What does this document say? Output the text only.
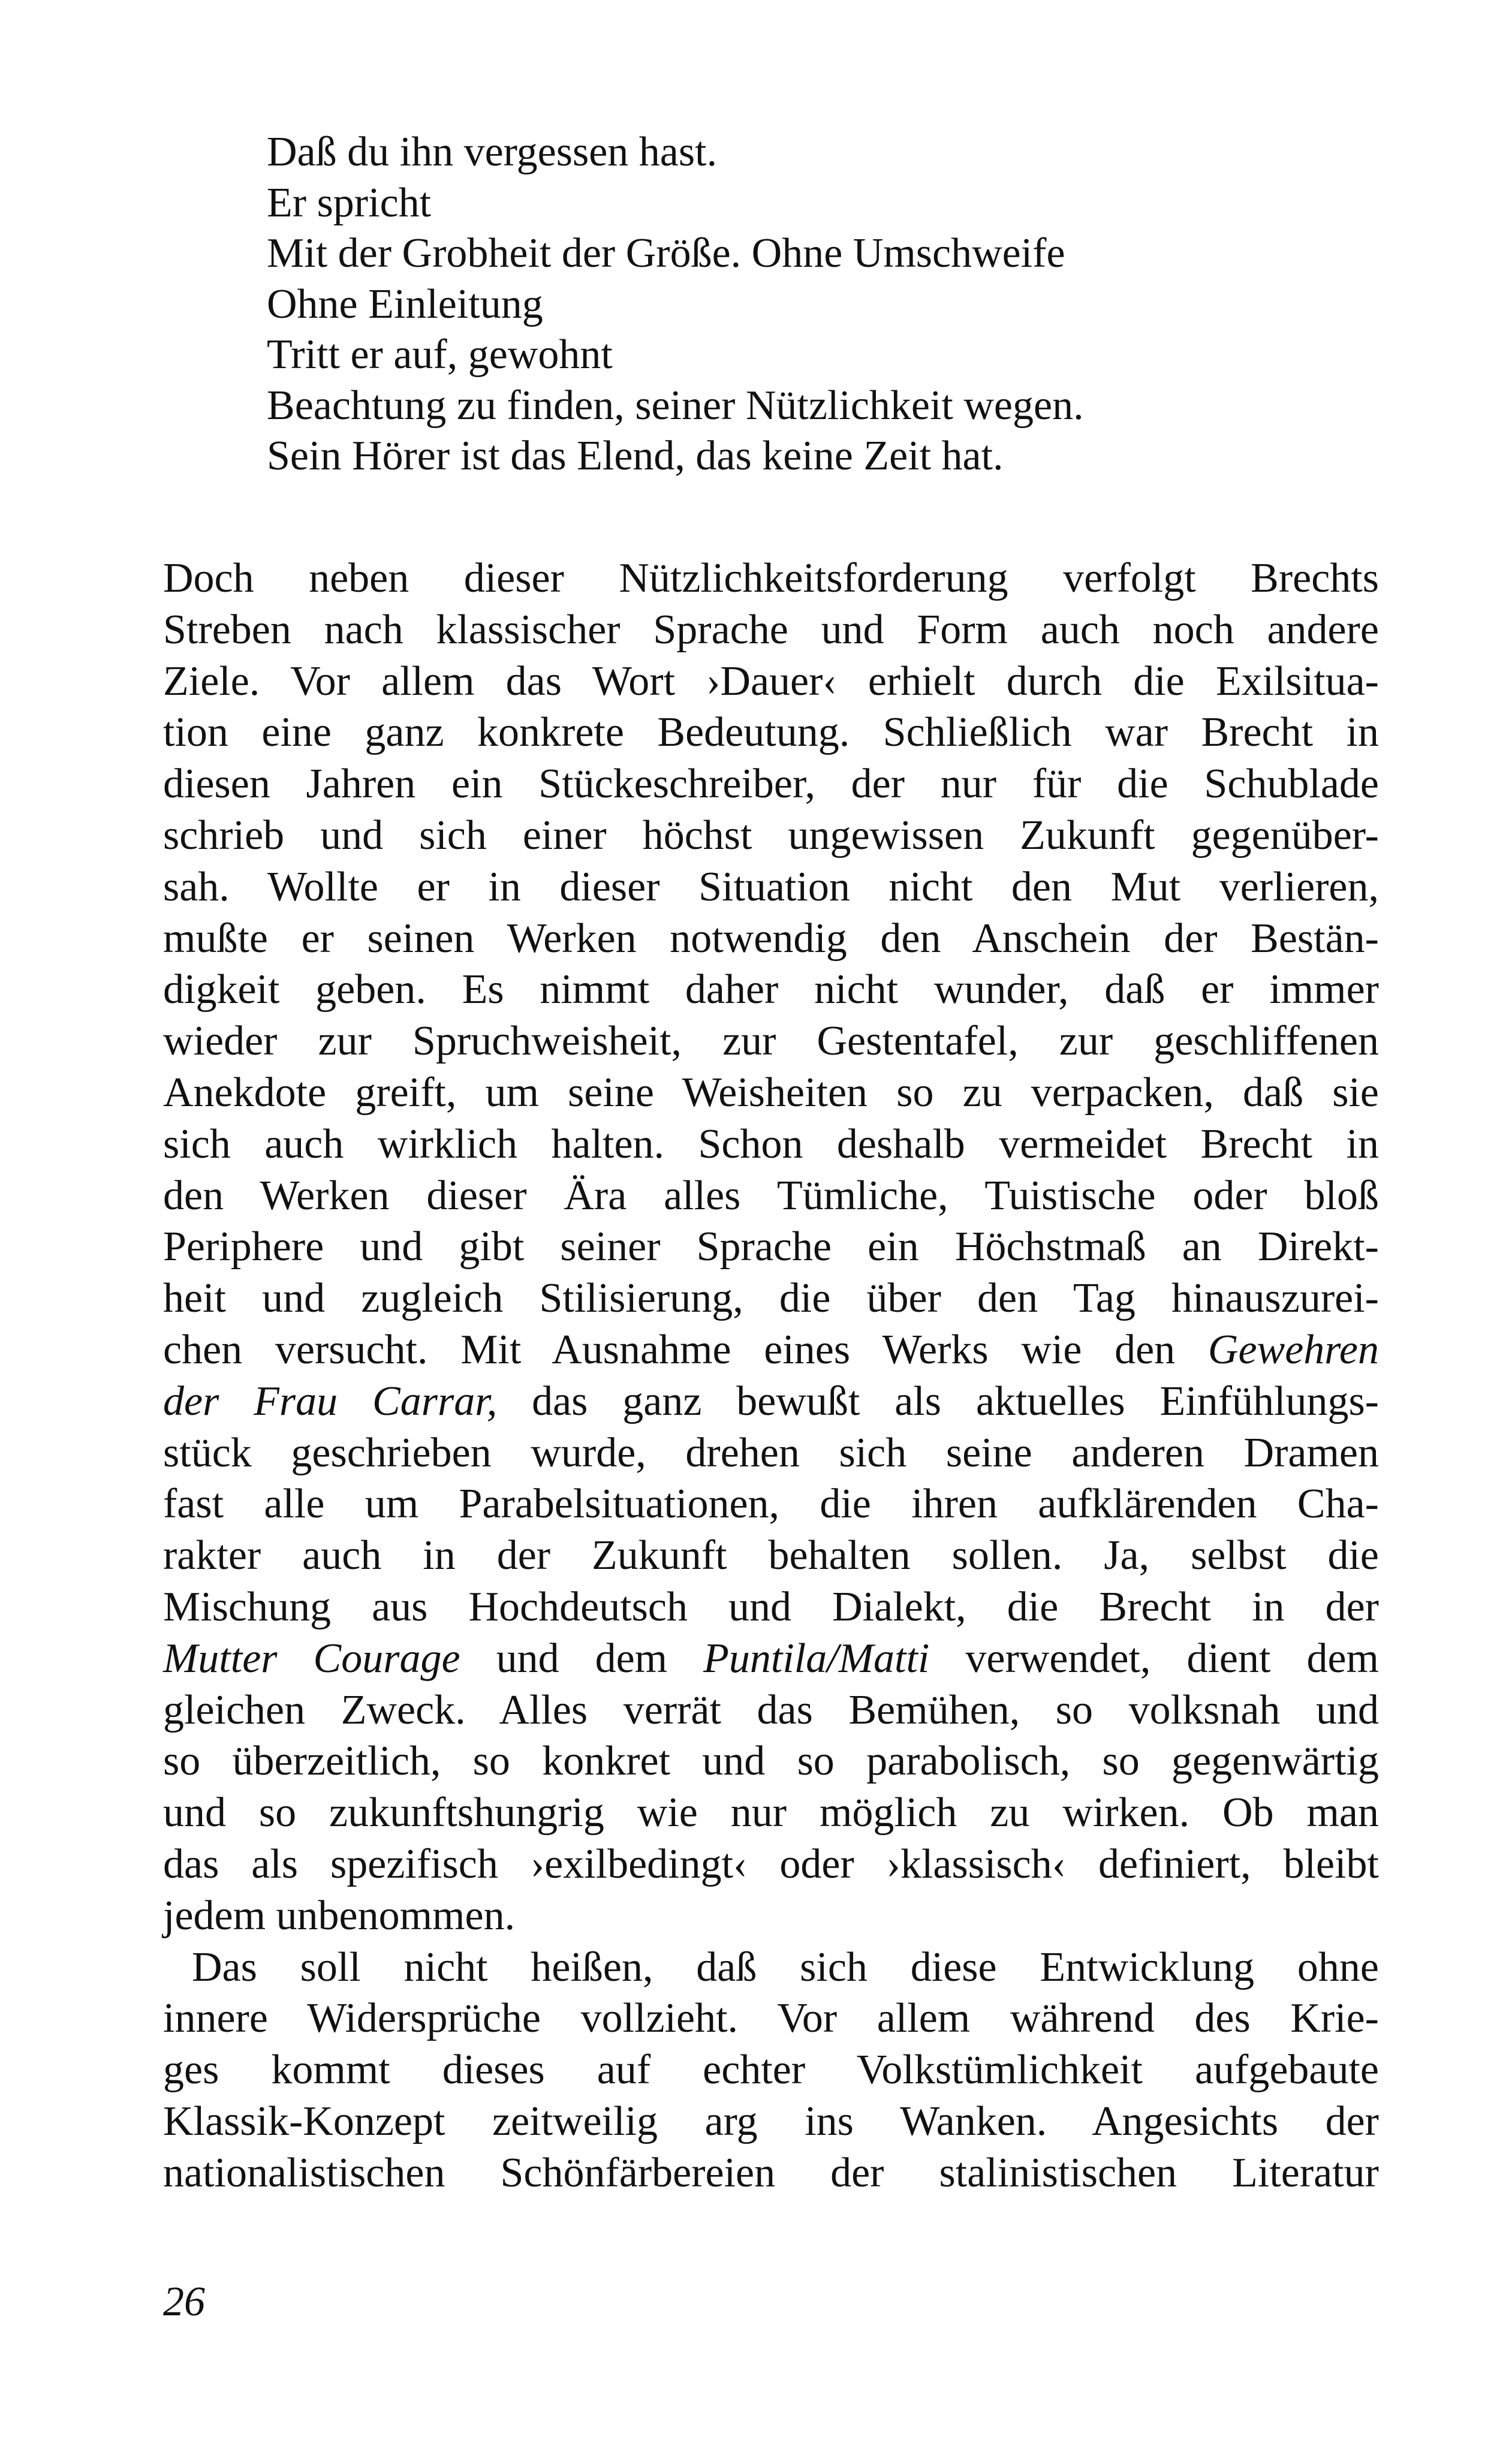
Daß du ihn vergessen hast.
Er spricht
Mit der Grobheit der Größe. Ohne Umschweife
Ohne Einleitung
Tritt er auf, gewohnt
Beachtung zu finden, seiner Nützlichkeit wegen.
Sein Hörer ist das Elend, das keine Zeit hat.
Doch neben dieser Nützlichkeitsforderung verfolgt Brechts
Streben nach klassischer Sprache und Form auch noch andere
Ziele. Vor allem das Wort ›Dauer‹ erhielt durch die Exilsitua-
tion eine ganz konkrete Bedeutung. Schließlich war Brecht in
diesen Jahren ein Stückeschreiber, der nur für die Schublade
schrieb und sich einer höchst ungewissen Zukunft gegenüber-
sah. Wollte er in dieser Situation nicht den Mut verlieren,
mußte er seinen Werken notwendig den Anschein der Bestän-
digkeit geben. Es nimmt daher nicht wunder, daß er immer
wieder zur Spruchweisheit, zur Gestentafel, zur geschliffenen
Anekdote greift, um seine Weisheiten so zu verpacken, daß sie
sich auch wirklich halten. Schon deshalb vermeidet Brecht in
den Werken dieser Ära alles Tümliche, Tuistische oder bloß
Periphere und gibt seiner Sprache ein Höchstmaß an Direkt-
heit und zugleich Stilisierung, die über den Tag hinauszurei-
chen versucht. Mit Ausnahme eines Werks wie den Gewehren
der Frau Carrar, das ganz bewußt als aktuelles Einfühlungs-
stück geschrieben wurde, drehen sich seine anderen Dramen
fast alle um Parabelsituationen, die ihren aufklärenden Cha-
rakter auch in der Zukunft behalten sollen. Ja, selbst die
Mischung aus Hochdeutsch und Dialekt, die Brecht in der
Mutter Courage und dem Puntila/Matti verwendet, dient dem
gleichen Zweck. Alles verrät das Bemühen, so volksnah und
so überzeitlich, so konkret und so parabolisch, so gegenwärtig
und so zukunftshungrig wie nur möglich zu wirken. Ob man
das als spezifisch ›exilbedingt‹ oder ›klassisch‹ definiert, bleibt
jedem unbenommen.
Das soll nicht heißen, daß sich diese Entwicklung ohne
innere Widersprüche vollzieht. Vor allem während des Krie-
ges kommt dieses auf echter Volkstümlichkeit aufgebaute
Klassik-Konzept zeitweilig arg ins Wanken. Angesichts der
nationalistischen Schönfärbereien der stalinistischen Literatur
26
